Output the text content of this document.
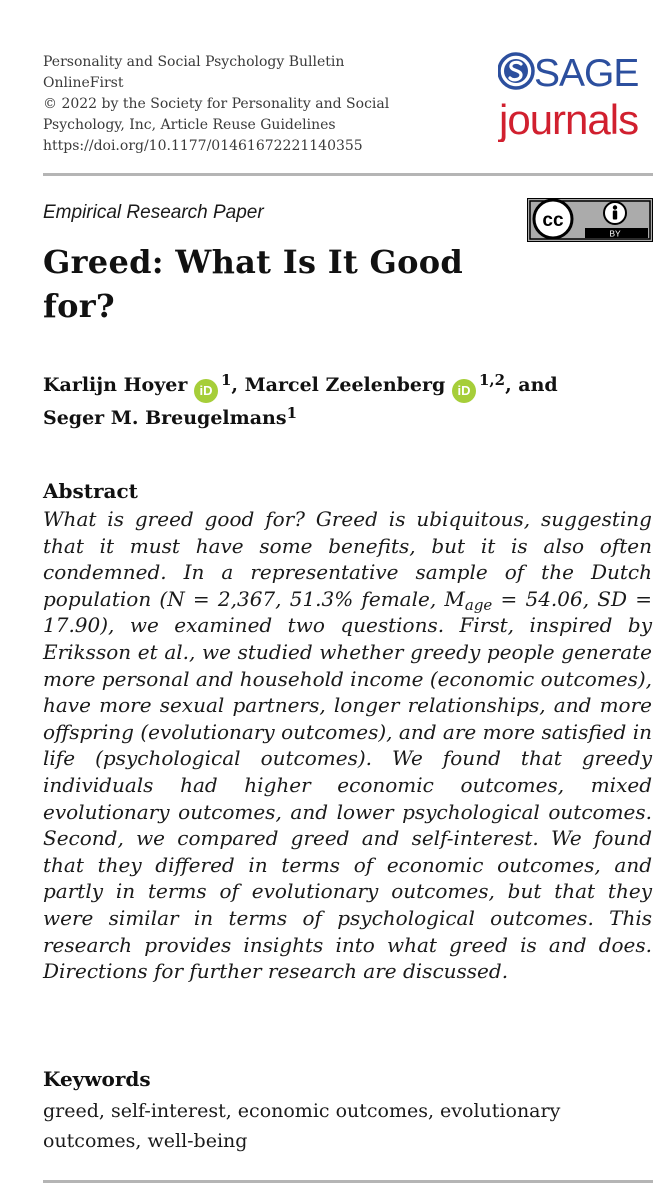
Personality and Social Psychology Bulletin
OnlineFirst
© 2022 by the Society for Personality and Social
Psychology, Inc, Article Reuse Guidelines
https://doi.org/10.1177/01461672221140355
SAGE
journals
Empirical Research Paper	cc
BY
Greed: What Is It Good
for?
Karlijn Hoyer $iD^1$, Marcel Zeelenberg iD$^{1,2}$, and
Seger M. Breugelmans$^1$
Abstract
What is greed good for? Greed is ubiquitous, suggesting that it must have some benefits, but it is also often condemned. In a representative sample of the Dutch population (N = 2,367, 51.3% female, $M_{age} = 54.06$, SD = 17.90), we examined two questions. First, inspired by Eriksson et al., we studied whether greedy people generate more personal and household income (economic outcomes), have more sexual partners, longer relationships, and more offspring (evolutionary outcomes), and are more satisfied in life (psychological outcomes). We found that greedy individuals had higher economic outcomes, mixed evolutionary outcomes, and lower psychological outcomes. Second, we compared greed and self-interest. We found that they differed in terms of economic outcomes, and partly in terms of evolutionary outcomes, but that they were similar in terms of psychological outcomes. This research provides insights into what greed is and does. Directions for further research are discussed.
Keywords
greed, self-interest, economic outcomes, evolutionary outcomes, well-being
